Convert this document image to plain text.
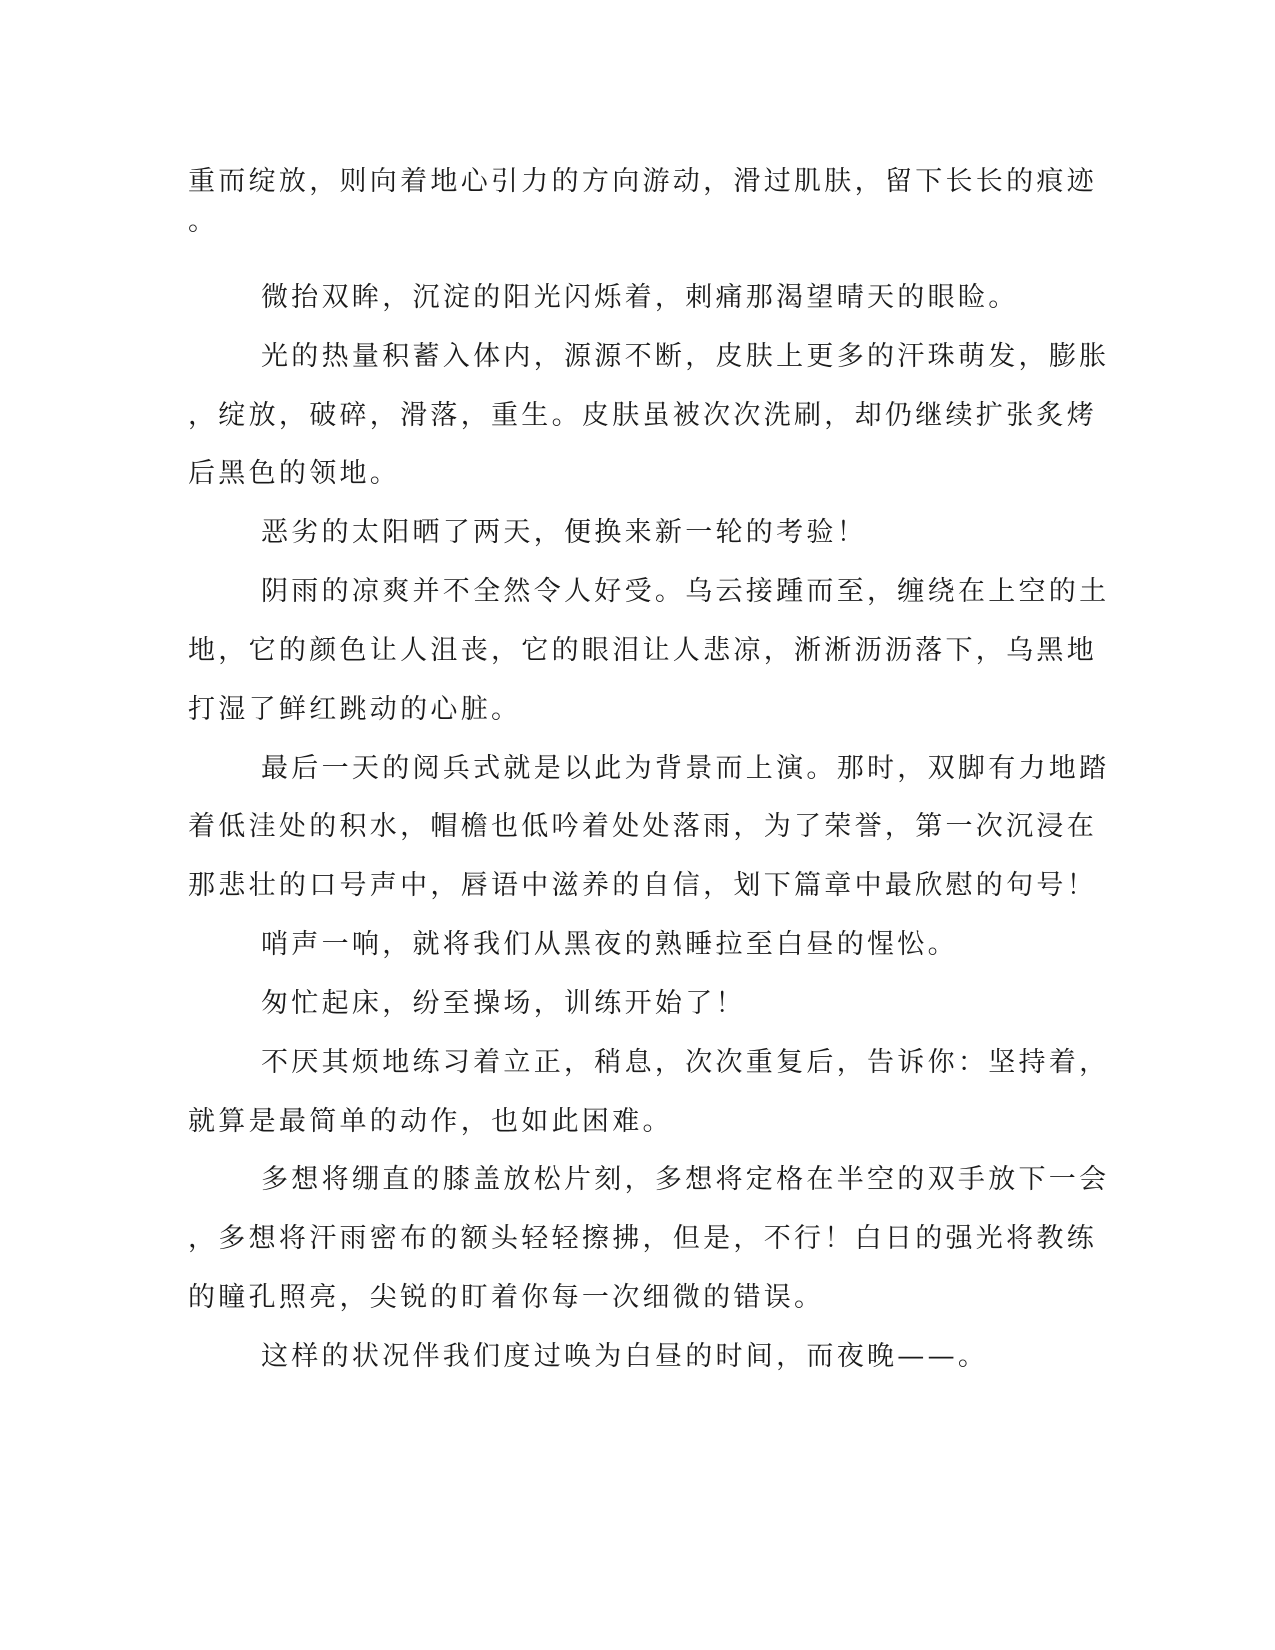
重而绽放，则向着地心引力的方向游动，滑过肌肤，留下长长的痕迹
。
微抬双眸，沉淀的阳光闪烁着，刺痛那渴望晴天的眼睑。
光的热量积蓄入体内，源源不断，皮肤上更多的汗珠萌发，膨胀
，绽放，破碎，滑落，重生。皮肤虽被次次洗刷，却仍继续扩张炙烤
后黑色的领地。
恶劣的太阳晒了两天，便换来新一轮的考验！
阴雨的凉爽并不全然令人好受。乌云接踵而至，缠绕在上空的土
地，它的颜色让人沮丧，它的眼泪让人悲凉，淅淅沥沥落下，乌黑地
打湿了鲜红跳动的心脏。
最后一天的阅兵式就是以此为背景而上演。那时，双脚有力地踏
着低洼处的积水，帽檐也低吟着处处落雨，为了荣誉，第一次沉浸在
那悲壮的口号声中，唇语中滋养的自信，划下篇章中最欣慰的句号！
哨声一响，就将我们从黑夜的熟睡拉至白昼的惺忪。
匆忙起床，纷至操场，训练开始了！
不厌其烦地练习着立正，稍息，次次重复后，告诉你：坚持着，
就算是最简单的动作，也如此困难。
多想将绷直的膝盖放松片刻，多想将定格在半空的双手放下一会
，多想将汗雨密布的额头轻轻擦拂，但是，不行！白日的强光将教练
的瞳孔照亮，尖锐的盯着你每一次细微的错误。
这样的状况伴我们度过唤为白昼的时间，而夜晚——。
